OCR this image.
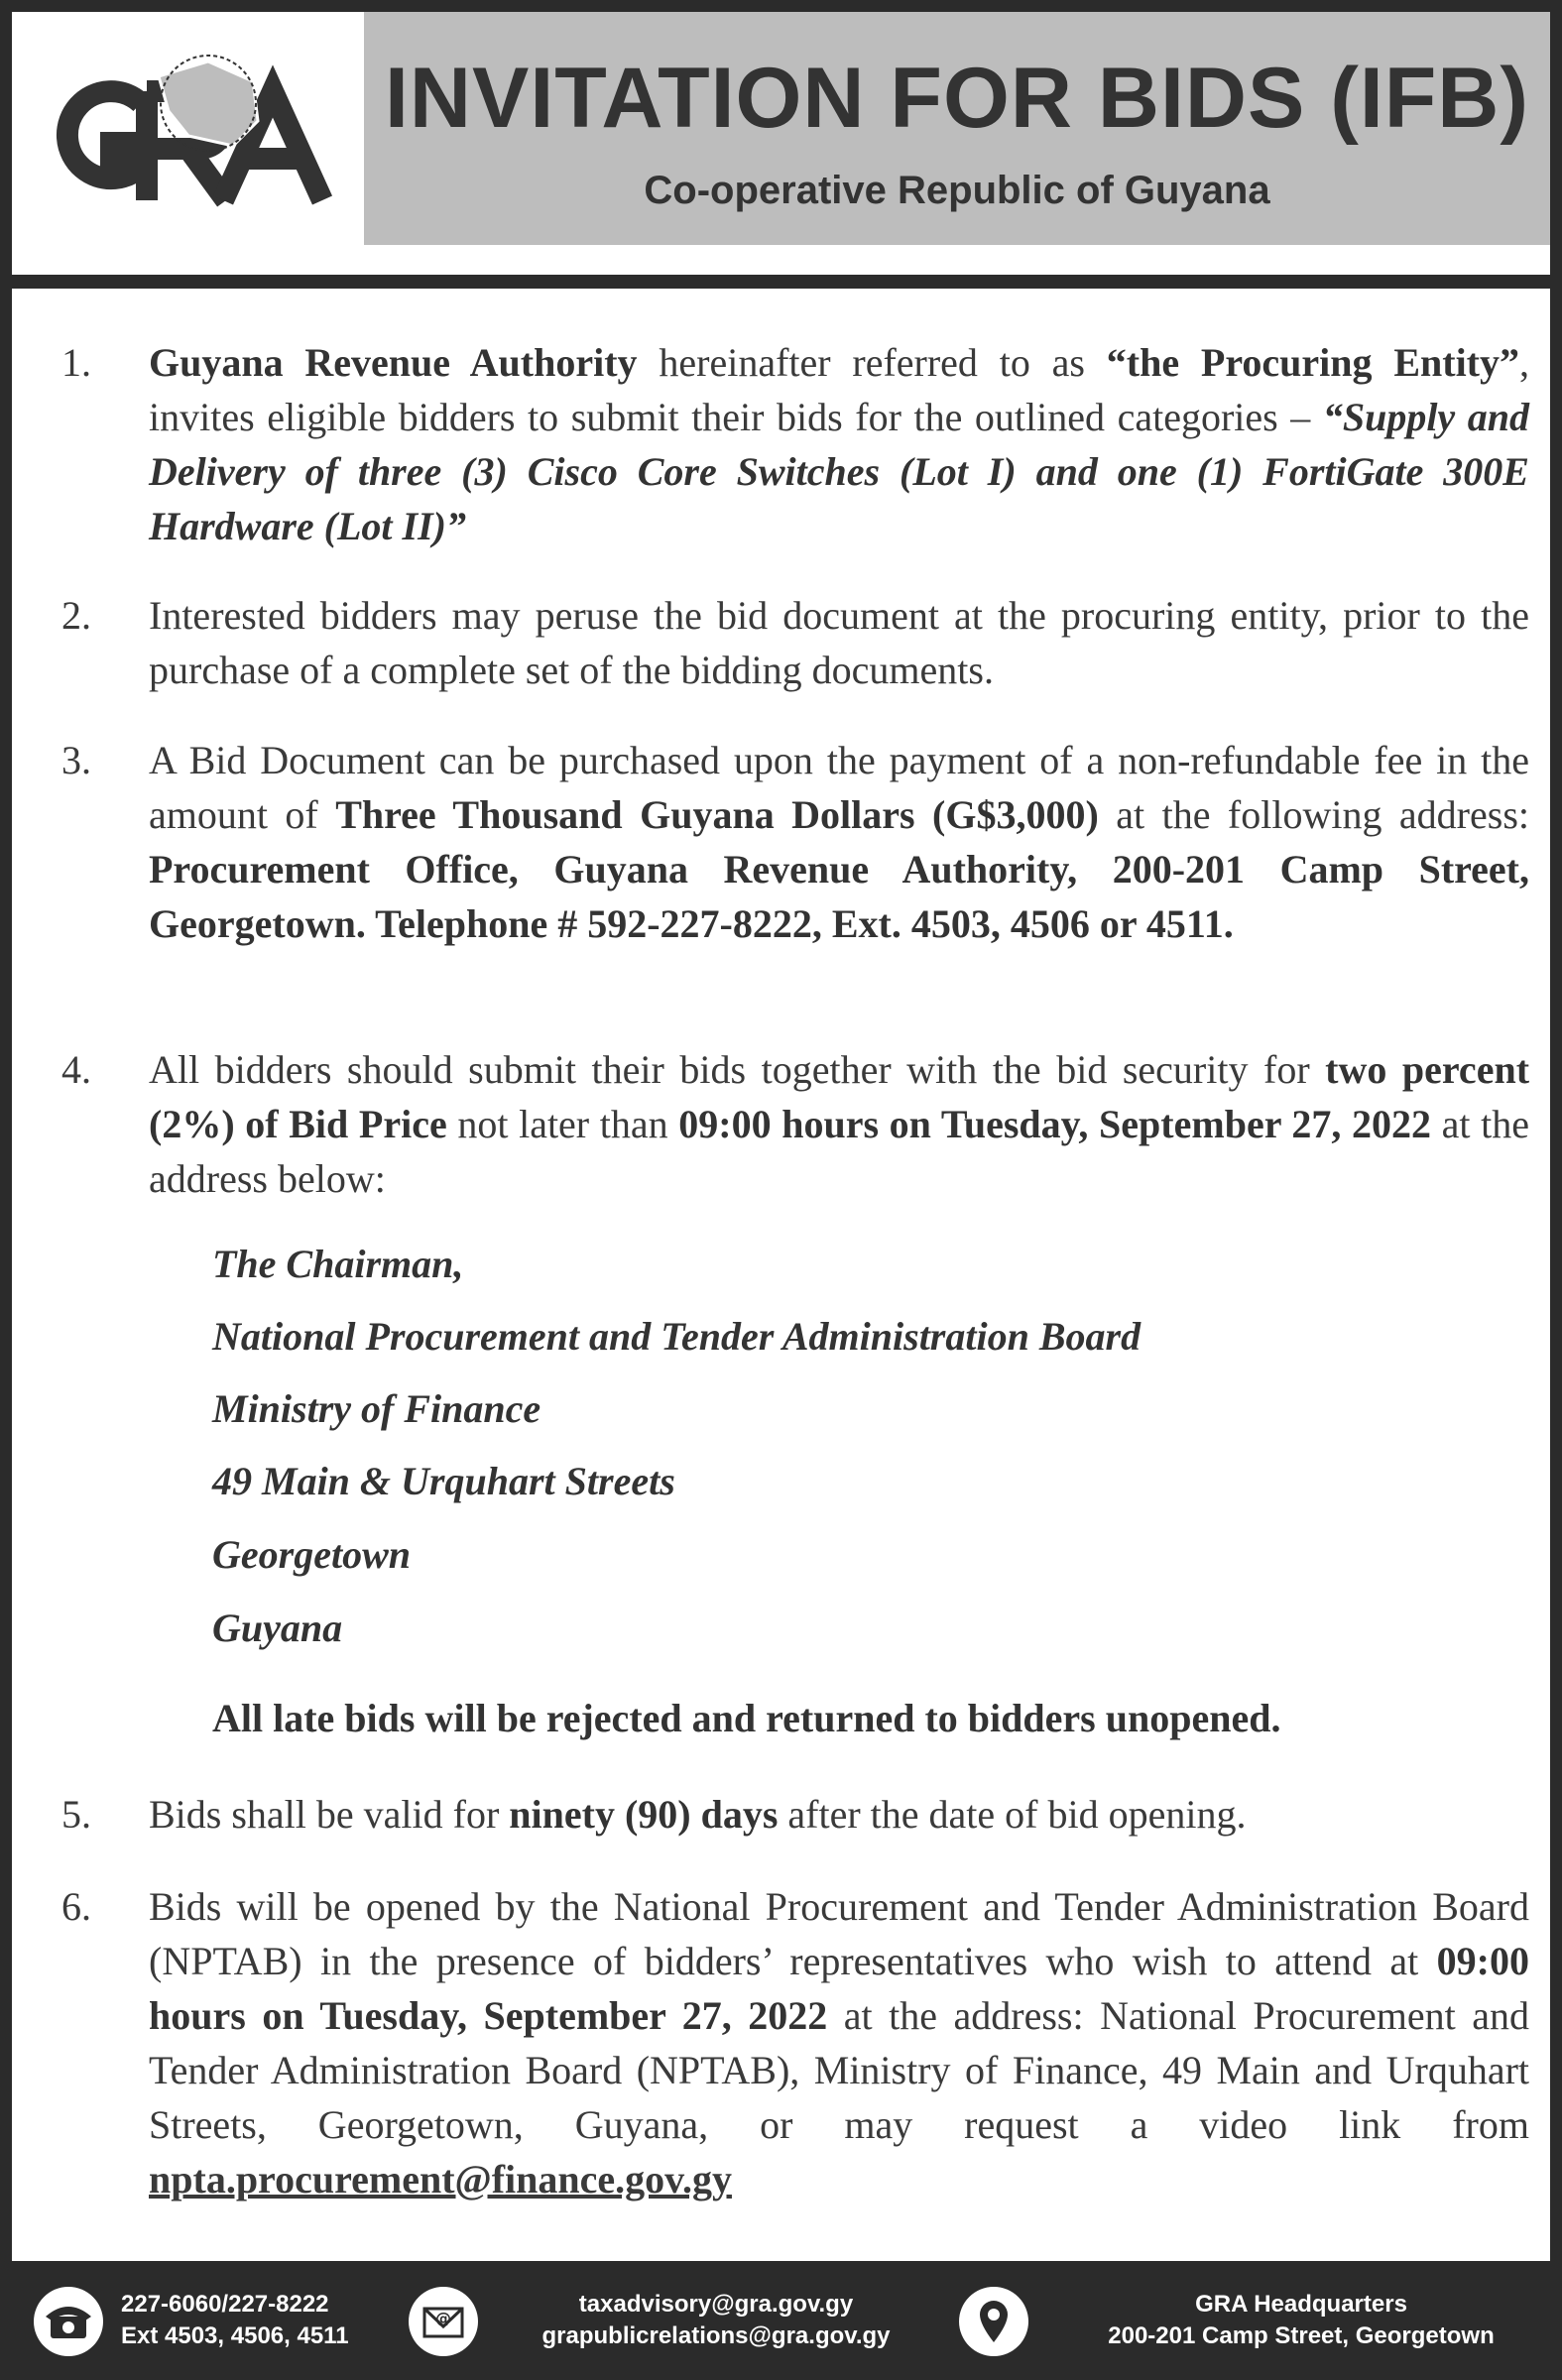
INVITATION FOR BIDS (IFB)
Co-operative Republic of Guyana
1.	Guyana Revenue Authority hereinafter referred to as “the Procuring Entity”, invites eligible bidders to submit their bids for the outlined categories – “Supply and Delivery of three (3) Cisco Core Switches (Lot I) and one (1) FortiGate 300E Hardware (Lot II)”
2.	Interested bidders may peruse the bid document at the procuring entity, prior to the purchase of a complete set of the bidding documents.
3.	A Bid Document can be purchased upon the payment of a non-refundable fee in the amount of Three Thousand Guyana Dollars (G$3,000) at the following address: Procurement Office, Guyana Revenue Authority, 200-201 Camp Street, Georgetown. Telephone # 592-227-8222, Ext. 4503, 4506 or 4511.
4.	All bidders should submit their bids together with the bid security for two percent (2%) of Bid Price not later than 09:00 hours on Tuesday, September 27, 2022 at the address below:
The Chairman,
National Procurement and Tender Administration Board
Ministry of Finance
49 Main & Urquhart Streets
Georgetown
Guyana
All late bids will be rejected and returned to bidders unopened.
5.	Bids shall be valid for ninety (90) days after the date of bid opening.
6.	Bids will be opened by the National Procurement and Tender Administration Board (NPTAB) in the presence of bidders’ representatives who wish to attend at 09:00 hours on Tuesday, September 27, 2022 at the address: National Procurement and Tender Administration Board (NPTAB), Ministry of Finance, 49 Main and Urquhart Streets, Georgetown, Guyana, or may request a video link from npta.procurement@finance.gov.gy
227-6060/227-8222
Ext 4503, 4506, 4511
@
taxadvisory@gra.gov.gy
grapublicrelations@gra.gov.gy
GRA Headquarters
200-201 Camp Street, Georgetown
